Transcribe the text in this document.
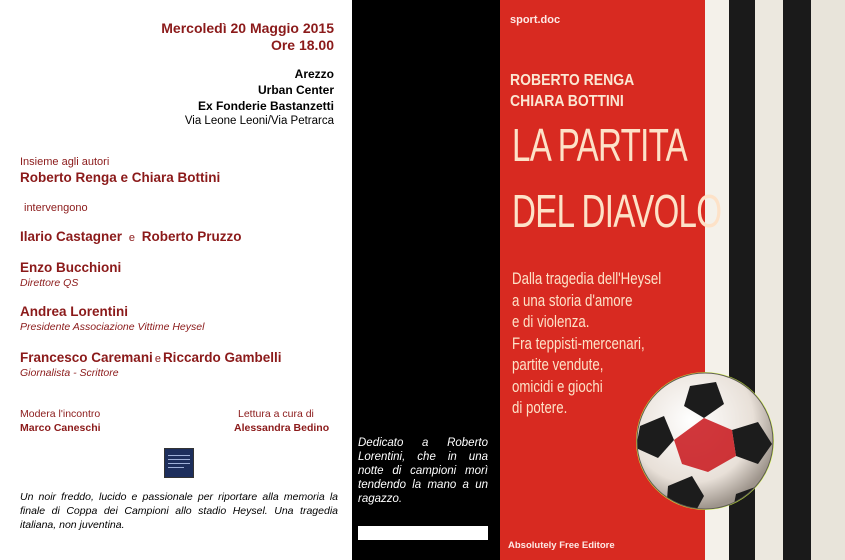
Mercoledì 20 Maggio 2015
Ore 18.00
Arezzo
Urban Center
Ex Fonderie Bastanzetti
Via Leone Leoni/Via Petrarca
Insieme agli autori
Roberto Renga e Chiara Bottini
intervengono
Ilario Castagner e Roberto Pruzzo
Enzo Bucchioni
Direttore QS
Andrea Lorentini
Presidente Associazione Vittime Heysel
Francesco Caremani e Riccardo Gambelli
Giornalista - Scrittore
Modera l'incontro
Marco Caneschi
Lettura a cura di
Alessandra Bedino
Un noir freddo, lucido e passionale per riportare alla memoria la finale di Coppa dei Campioni allo stadio Heysel. Una tragedia italiana, non juventina.
Dedicato a Roberto Lorentini, che in una notte di campioni morì tendendo la mano a un ragazzo.
sport.doc
ROBERTO RENGA
CHIARA BOTTINI
LA PARTITA
DEL DIAVOLO
Dalla tragedia dell'Heysel
a una storia d'amore
e di violenza.
Fra teppisti-mercenari,
partite vendute,
omicidi e giochi
di potere.
Absolutely Free Editore
